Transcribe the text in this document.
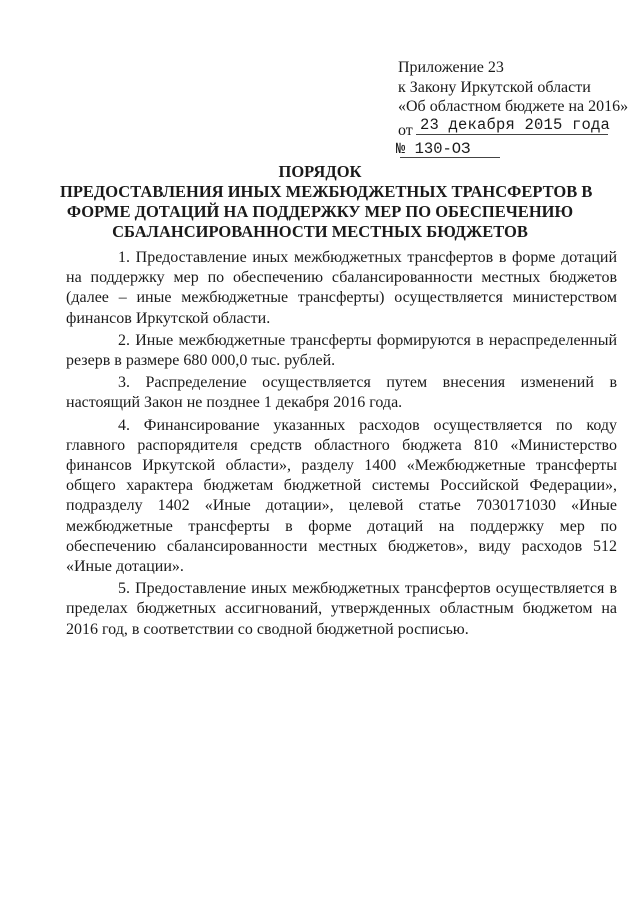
Приложение 23
к Закону Иркутской области
«Об областном бюджете на 2016»
от 23 декабря 2015 года
№ 130-ОЗ
ПОРЯДОК
ПРЕДОСТАВЛЕНИЯ ИНЫХ МЕЖБЮДЖЕТНЫХ ТРАНСФЕРТОВ В
ФОРМЕ ДОТАЦИЙ НА ПОДДЕРЖКУ МЕР ПО ОБЕСПЕЧЕНИЮ
СБАЛАНСИРОВАННОСТИ МЕСТНЫХ БЮДЖЕТОВ

1. Предоставление иных межбюджетных трансфертов в форме дотаций на поддержку мер по обеспечению сбалансированности местных бюджетов (далее – иные межбюджетные трансферты) осуществляется министерством финансов Иркутской области.

2. Иные межбюджетные трансферты формируются в нераспределенный резерв в размере 680 000,0 тыс. рублей.

3. Распределение осуществляется путем внесения изменений в настоящий Закон не позднее 1 декабря 2016 года.

4. Финансирование указанных расходов осуществляется по коду главного распорядителя средств областного бюджета 810 «Министерство финансов Иркутской области», разделу 1400 «Межбюджетные трансферты общего характера бюджетам бюджетной системы Российской Федерации», подразделу 1402 «Иные дотации», целевой статье 7030171030 «Иные межбюджетные трансферты в форме дотаций на поддержку мер по обеспечению сбалансированности местных бюджетов», виду расходов 512 «Иные дотации».

5. Предоставление иных межбюджетных трансфертов осуществляется в пределах бюджетных ассигнований, утвержденных областным бюджетом на 2016 год, в соответствии со сводной бюджетной росписью.
